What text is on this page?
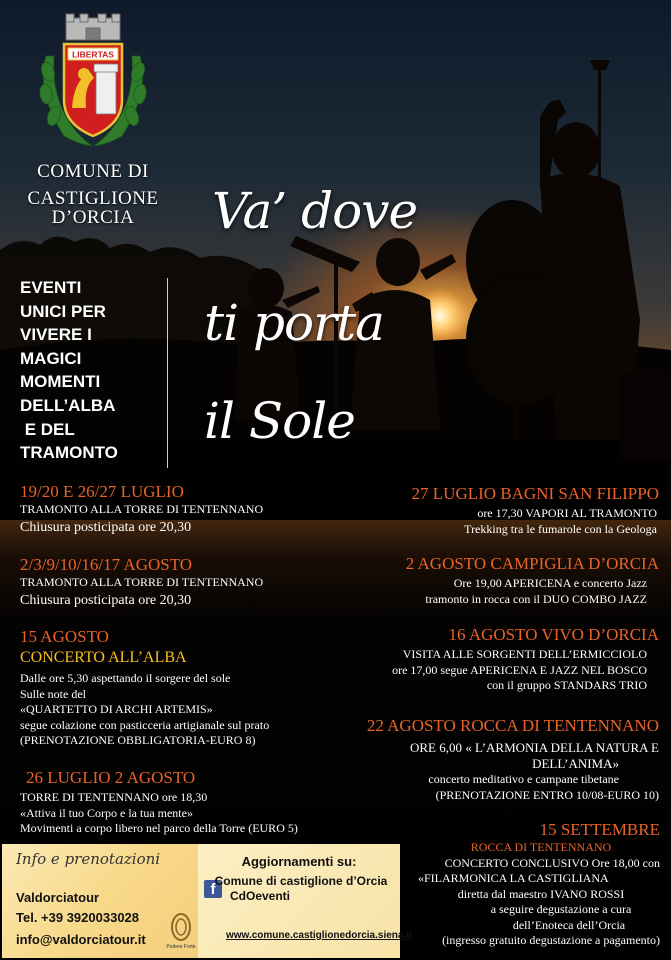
LIBERTAS
COMUNE DI
CASTIGLIONE D’ORCIA	Va’ dove
ti porta
il Sole
EVENTI
UNICI PER
VIVERE I
MAGICI
MOMENTI
DELL’ALBA
E DEL
TRAMONTO
19/20 E 26/27 LUGLIO
TRAMONTO ALLA TORRE DI TENTENNANO
Chiusura posticipata ore 20,30
2/3/9/10/16/17 AGOSTO
TRAMONTO ALLA TORRE DI TENTENNANO
Chiusura posticipata ore 20,30
15 AGOSTO
CONCERTO ALL’ALBA
Dalle ore 5,30 aspettando il sorgere del sole
Sulle note del
«QUARTETTO DI ARCHI ARTEMIS»
segue colazione con pasticceria artigianale sul prato
(PRENOTAZIONE OBBLIGATORIA-EURO 8)
26 LUGLIO 2 AGOSTO
TORRE DI TENTENNANO ore 18,30
«Attiva il tuo Corpo e la tua mente»
Movimenti a corpo libero nel parco della Torre (EURO 5)
27 LUGLIO BAGNI SAN FILIPPO
ore 17,30 VAPORI AL TRAMONTO
Trekking tra le fumarole con la Geologa
2 AGOSTO CAMPIGLIA D’ORCIA
Ore 19,00 APERICENA e concerto Jazz
tramonto in rocca con il DUO COMBO JAZZ
16 AGOSTO VIVO D’ORCIA
VISITA ALLE SORGENTI DELL’ERMICCIOLO
ore 17,00 segue APERICENA E JAZZ NEL BOSCO
con il gruppo STANDARS TRIO
22 AGOSTO ROCCA DI TENTENNANO
ORE 6,00 « L’ARMONIA DELLA NATURA E
DELL’ANIMA»
concerto meditativo e campane tibetane
(PRENOTAZIONE ENTRO 10/08-EURO 10)
15 SETTEMBRE
ROCCA DI TENTENNANO
CONCERTO CONCLUSIVO Ore 18,00 con
«FILARMONICA LA CASTIGLIANA
diretta dal maestro IVANO ROSSI
a seguire degustazione a cura
dell’Enoteca dell’Orcia
(ingresso gratuito degustazione a pagamento)
Info e prenotazioni
Valdorciatour
Tel. +39 3920033028
info@valdorciatour.it
Aggiornamenti su:
f Comune di castiglione d’Orcia
CdOeventi
www.comune.castiglionedorcia.siena.it
Podere Forte
